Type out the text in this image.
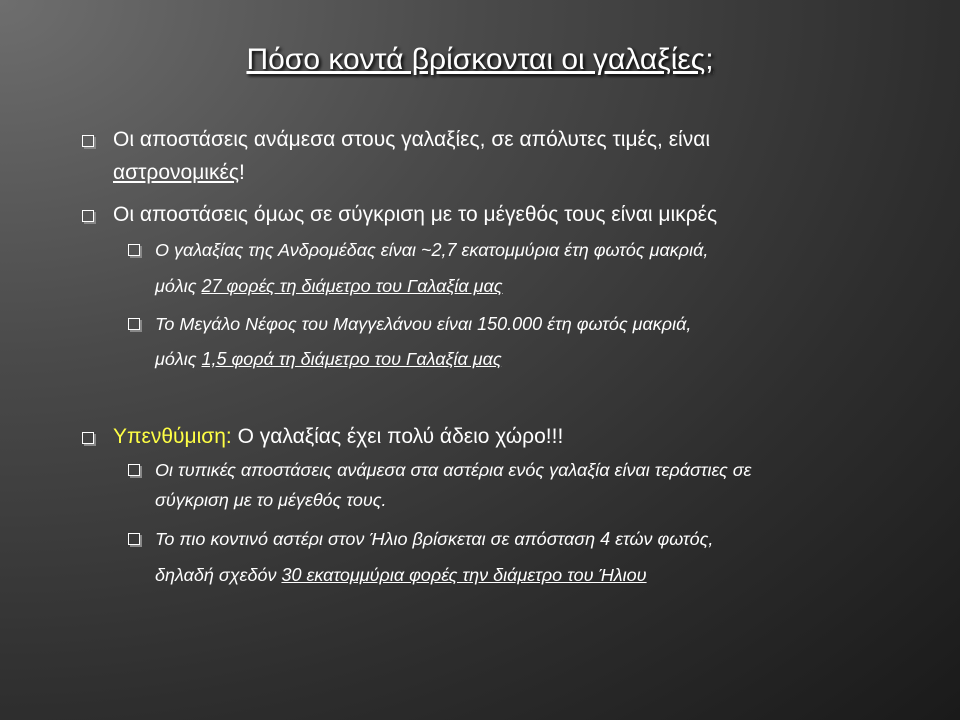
Πόσο κοντά βρίσκονται οι γαλαξίες;
Οι αποστάσεις ανάμεσα στους γαλαξίες, σε απόλυτες τιμές, είναι
αστρονομικές!
Οι αποστάσεις όμως σε σύγκριση με το μέγεθός τους είναι μικρές
Ο γαλαξίας της Ανδρομέδας είναι ~2,7 εκατομμύρια έτη φωτός μακριά,
μόλις 27 φορές τη διάμετρο του Γαλαξία μας
Το Μεγάλο Νέφος του Μαγγελάνου είναι 150.000 έτη φωτός μακριά,
μόλις 1,5 φορά τη διάμετρο του Γαλαξία μας
Υπενθύμιση: Ο γαλαξίας έχει πολύ άδειο χώρο!!!
Οι τυπικές αποστάσεις ανάμεσα στα αστέρια ενός γαλαξία είναι τεράστιες σε
σύγκριση με το μέγεθός τους.
Το πιο κοντινό αστέρι στον Ήλιο βρίσκεται σε απόσταση 4 ετών φωτός,
δηλαδή σχεδόν 30 εκατομμύρια φορές την διάμετρο του Ήλιου
